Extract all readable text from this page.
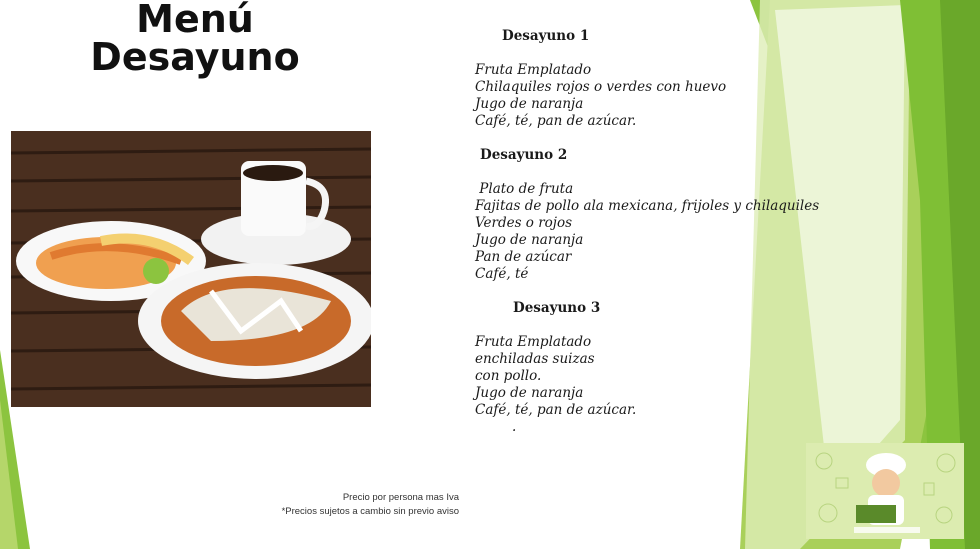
Menú
Desayuno	Desayuno 1

Fruta Emplatado

Chilaquiles rojos o verdes con huevo

Jugo de naranja

Café, té, pan de azúcar.

Desayuno 2

Plato de fruta

Fajitas de pollo ala mexicana, frijoles y chilaquiles

Verdes o rojos

Jugo de naranja

Pan de azúcar

Café, té

Desayuno 3

Fruta Emplatado

enchiladas suizas

con pollo.

Jugo de naranja

Café, té, pan de azúcar.

.

Precio por persona mas Iva
*Precios sujetos a cambio sin previo aviso
